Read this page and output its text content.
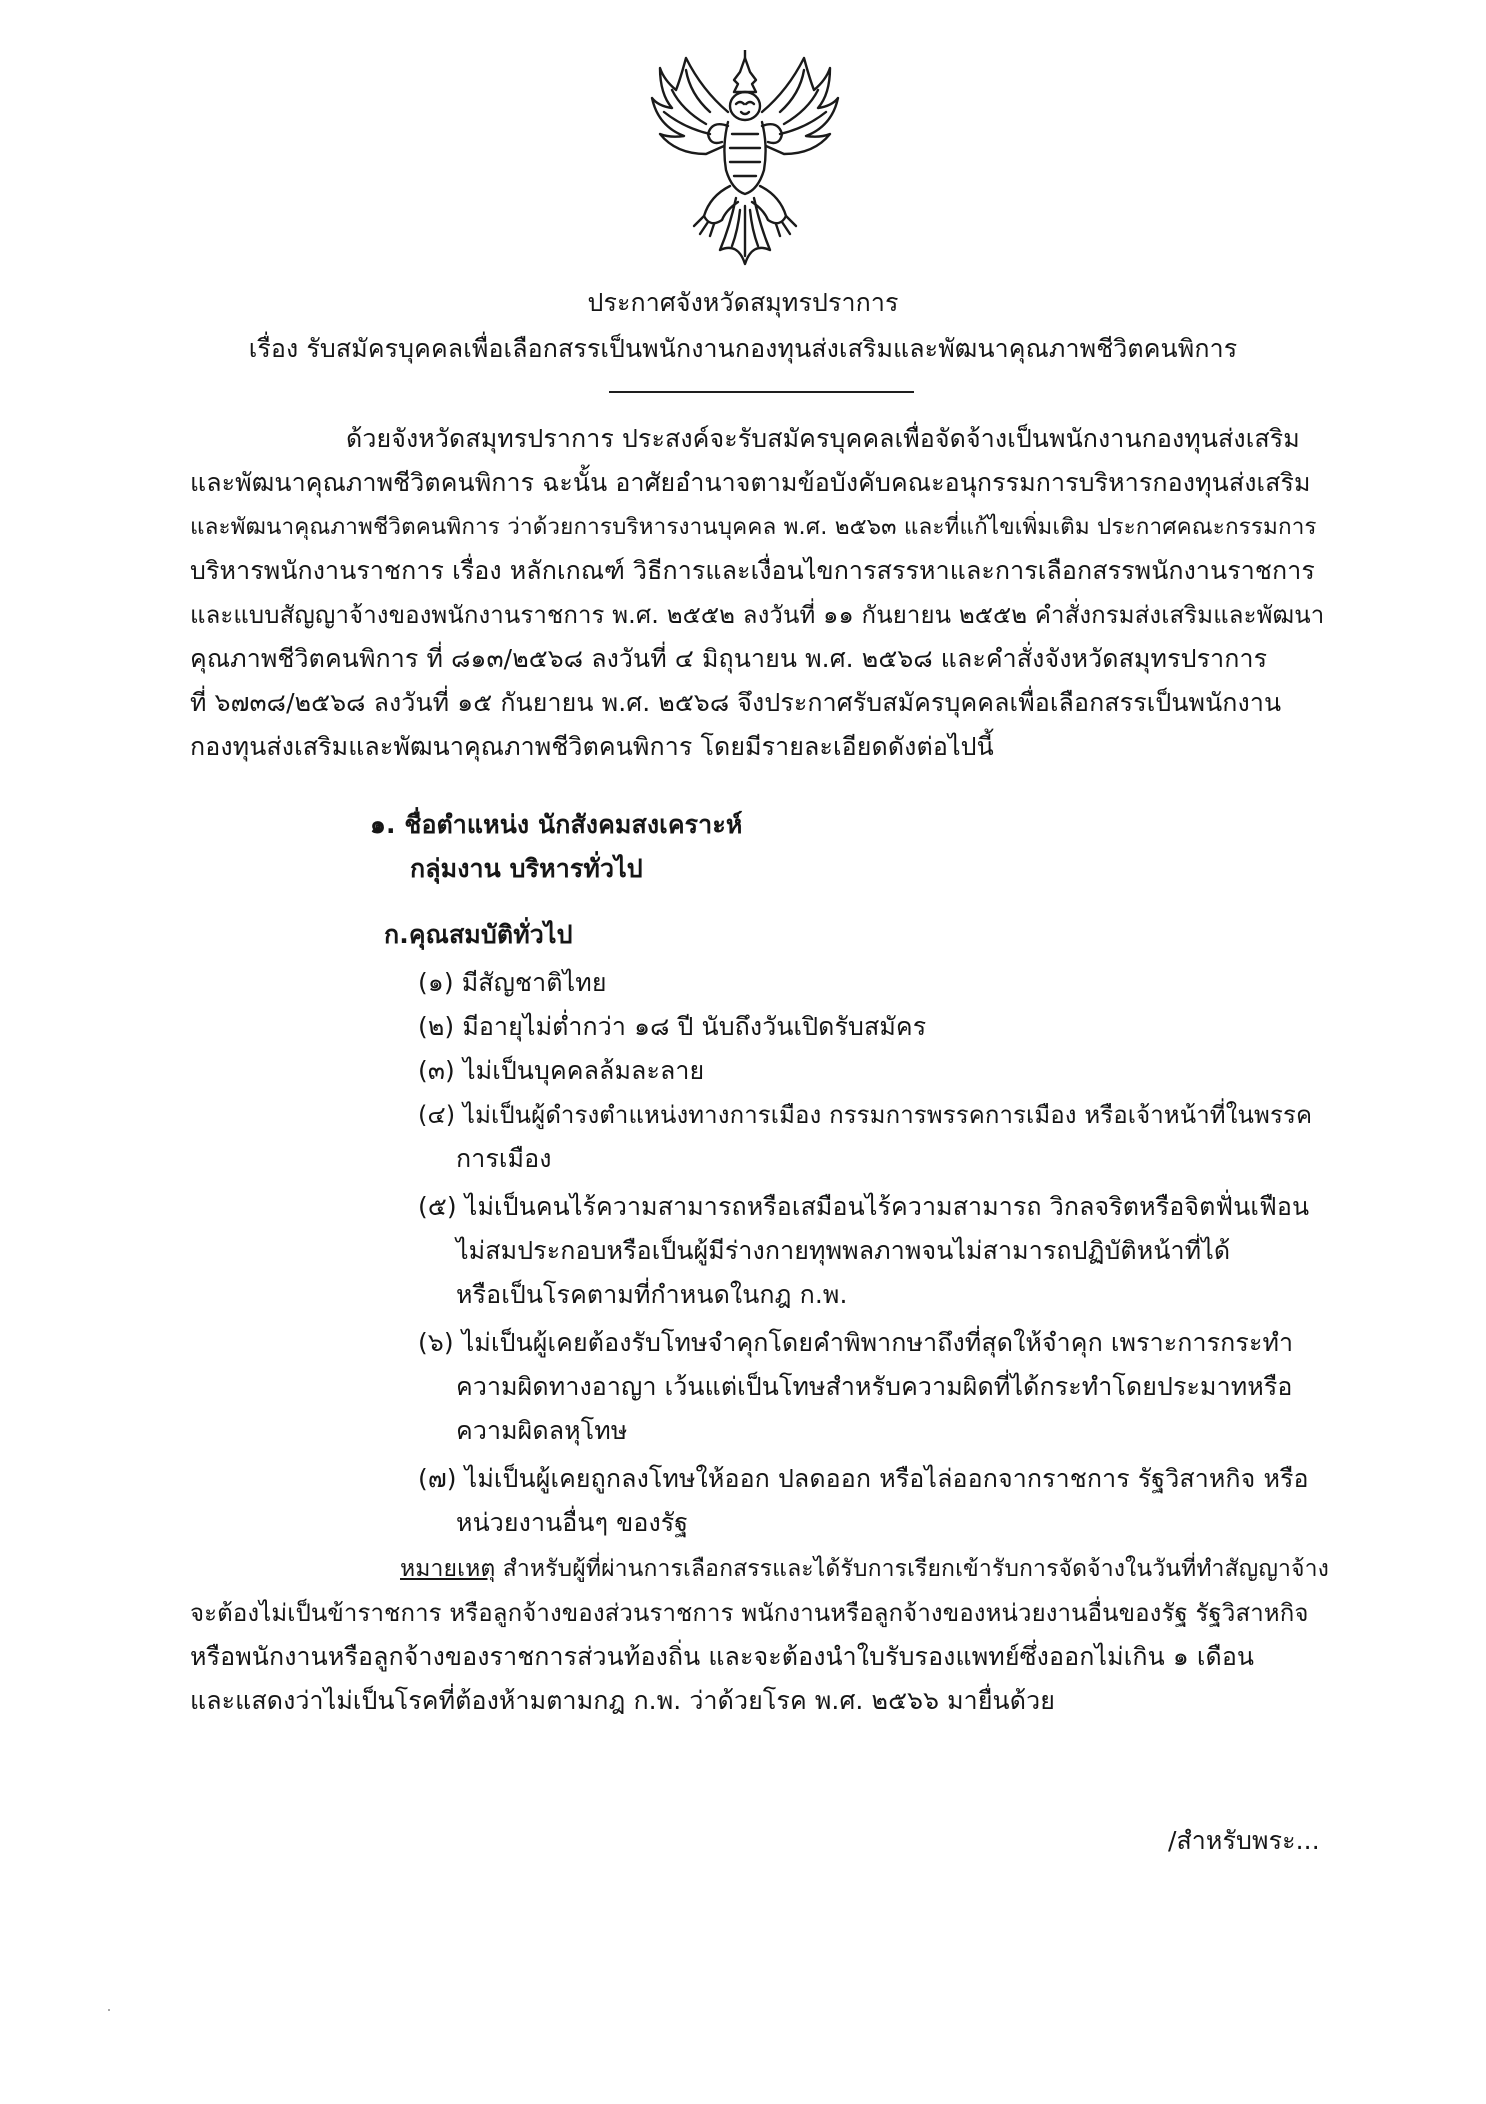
ประกาศจังหวัดสมุทรปราการ
เรื่อง รับสมัครบุคคลเพื่อเลือกสรรเป็นพนักงานกองทุนส่งเสริมและพัฒนาคุณภาพชีวิตคนพิการ
ด้วยจังหวัดสมุทรปราการ ประสงค์จะรับสมัครบุคคลเพื่อจัดจ้างเป็นพนักงานกองทุนส่งเสริม
และพัฒนาคุณภาพชีวิตคนพิการ ฉะนั้น อาศัยอำนาจตามข้อบังคับคณะอนุกรรมการบริหารกองทุนส่งเสริม
และพัฒนาคุณภาพชีวิตคนพิการ ว่าด้วยการบริหารงานบุคคล พ.ศ. ๒๕๖๓ และที่แก้ไขเพิ่มเติม ประกาศคณะกรรมการ
บริหารพนักงานราชการ เรื่อง หลักเกณฑ์ วิธีการและเงื่อนไขการสรรหาและการเลือกสรรพนักงานราชการ
และแบบสัญญาจ้างของพนักงานราชการ พ.ศ. ๒๕๕๒ ลงวันที่ ๑๑ กันยายน ๒๕๕๒ คำสั่งกรมส่งเสริมและพัฒนา
คุณภาพชีวิตคนพิการ ที่ ๘๑๓/๒๕๖๘ ลงวันที่ ๔ มิถุนายน พ.ศ. ๒๕๖๘ และคำสั่งจังหวัดสมุทรปราการ
ที่ ๖๗๓๘/๒๕๖๘ ลงวันที่ ๑๕ กันยายน พ.ศ. ๒๕๖๘ จึงประกาศรับสมัครบุคคลเพื่อเลือกสรรเป็นพนักงาน
กองทุนส่งเสริมและพัฒนาคุณภาพชีวิตคนพิการ โดยมีรายละเอียดดังต่อไปนี้
๑. ชื่อตำแหน่ง นักสังคมสงเคราะห์
กลุ่มงาน บริหารทั่วไป
ก.คุณสมบัติทั่วไป
(๑) มีสัญชาติไทย
(๒) มีอายุไม่ต่ำกว่า ๑๘ ปี นับถึงวันเปิดรับสมัคร
(๓) ไม่เป็นบุคคลล้มละลาย
(๔) ไม่เป็นผู้ดำรงตำแหน่งทางการเมือง กรรมการพรรคการเมือง หรือเจ้าหน้าที่ในพรรค
การเมือง
(๕) ไม่เป็นคนไร้ความสามารถหรือเสมือนไร้ความสามารถ วิกลจริตหรือจิตฟั่นเฟือน
ไม่สมประกอบหรือเป็นผู้มีร่างกายทุพพลภาพจนไม่สามารถปฏิบัติหน้าที่ได้
หรือเป็นโรคตามที่กำหนดในกฎ ก.พ.
(๖) ไม่เป็นผู้เคยต้องรับโทษจำคุกโดยคำพิพากษาถึงที่สุดให้จำคุก เพราะการกระทำ
ความผิดทางอาญา เว้นแต่เป็นโทษสำหรับความผิดที่ได้กระทำโดยประมาทหรือ
ความผิดลหุโทษ
(๗) ไม่เป็นผู้เคยถูกลงโทษให้ออก ปลดออก หรือไล่ออกจากราชการ รัฐวิสาหกิจ หรือ
หน่วยงานอื่นๆ ของรัฐ
หมายเหตุ สำหรับผู้ที่ผ่านการเลือกสรรและได้รับการเรียกเข้ารับการจัดจ้างในวันที่ทำสัญญาจ้าง
จะต้องไม่เป็นข้าราชการ หรือลูกจ้างของส่วนราชการ พนักงานหรือลูกจ้างของหน่วยงานอื่นของรัฐ รัฐวิสาหกิจ
หรือพนักงานหรือลูกจ้างของราชการส่วนท้องถิ่น และจะต้องนำใบรับรองแพทย์ซึ่งออกไม่เกิน ๑ เดือน
และแสดงว่าไม่เป็นโรคที่ต้องห้ามตามกฎ ก.พ. ว่าด้วยโรค พ.ศ. ๒๕๖๖ มายื่นด้วย
/สำหรับพระ...
